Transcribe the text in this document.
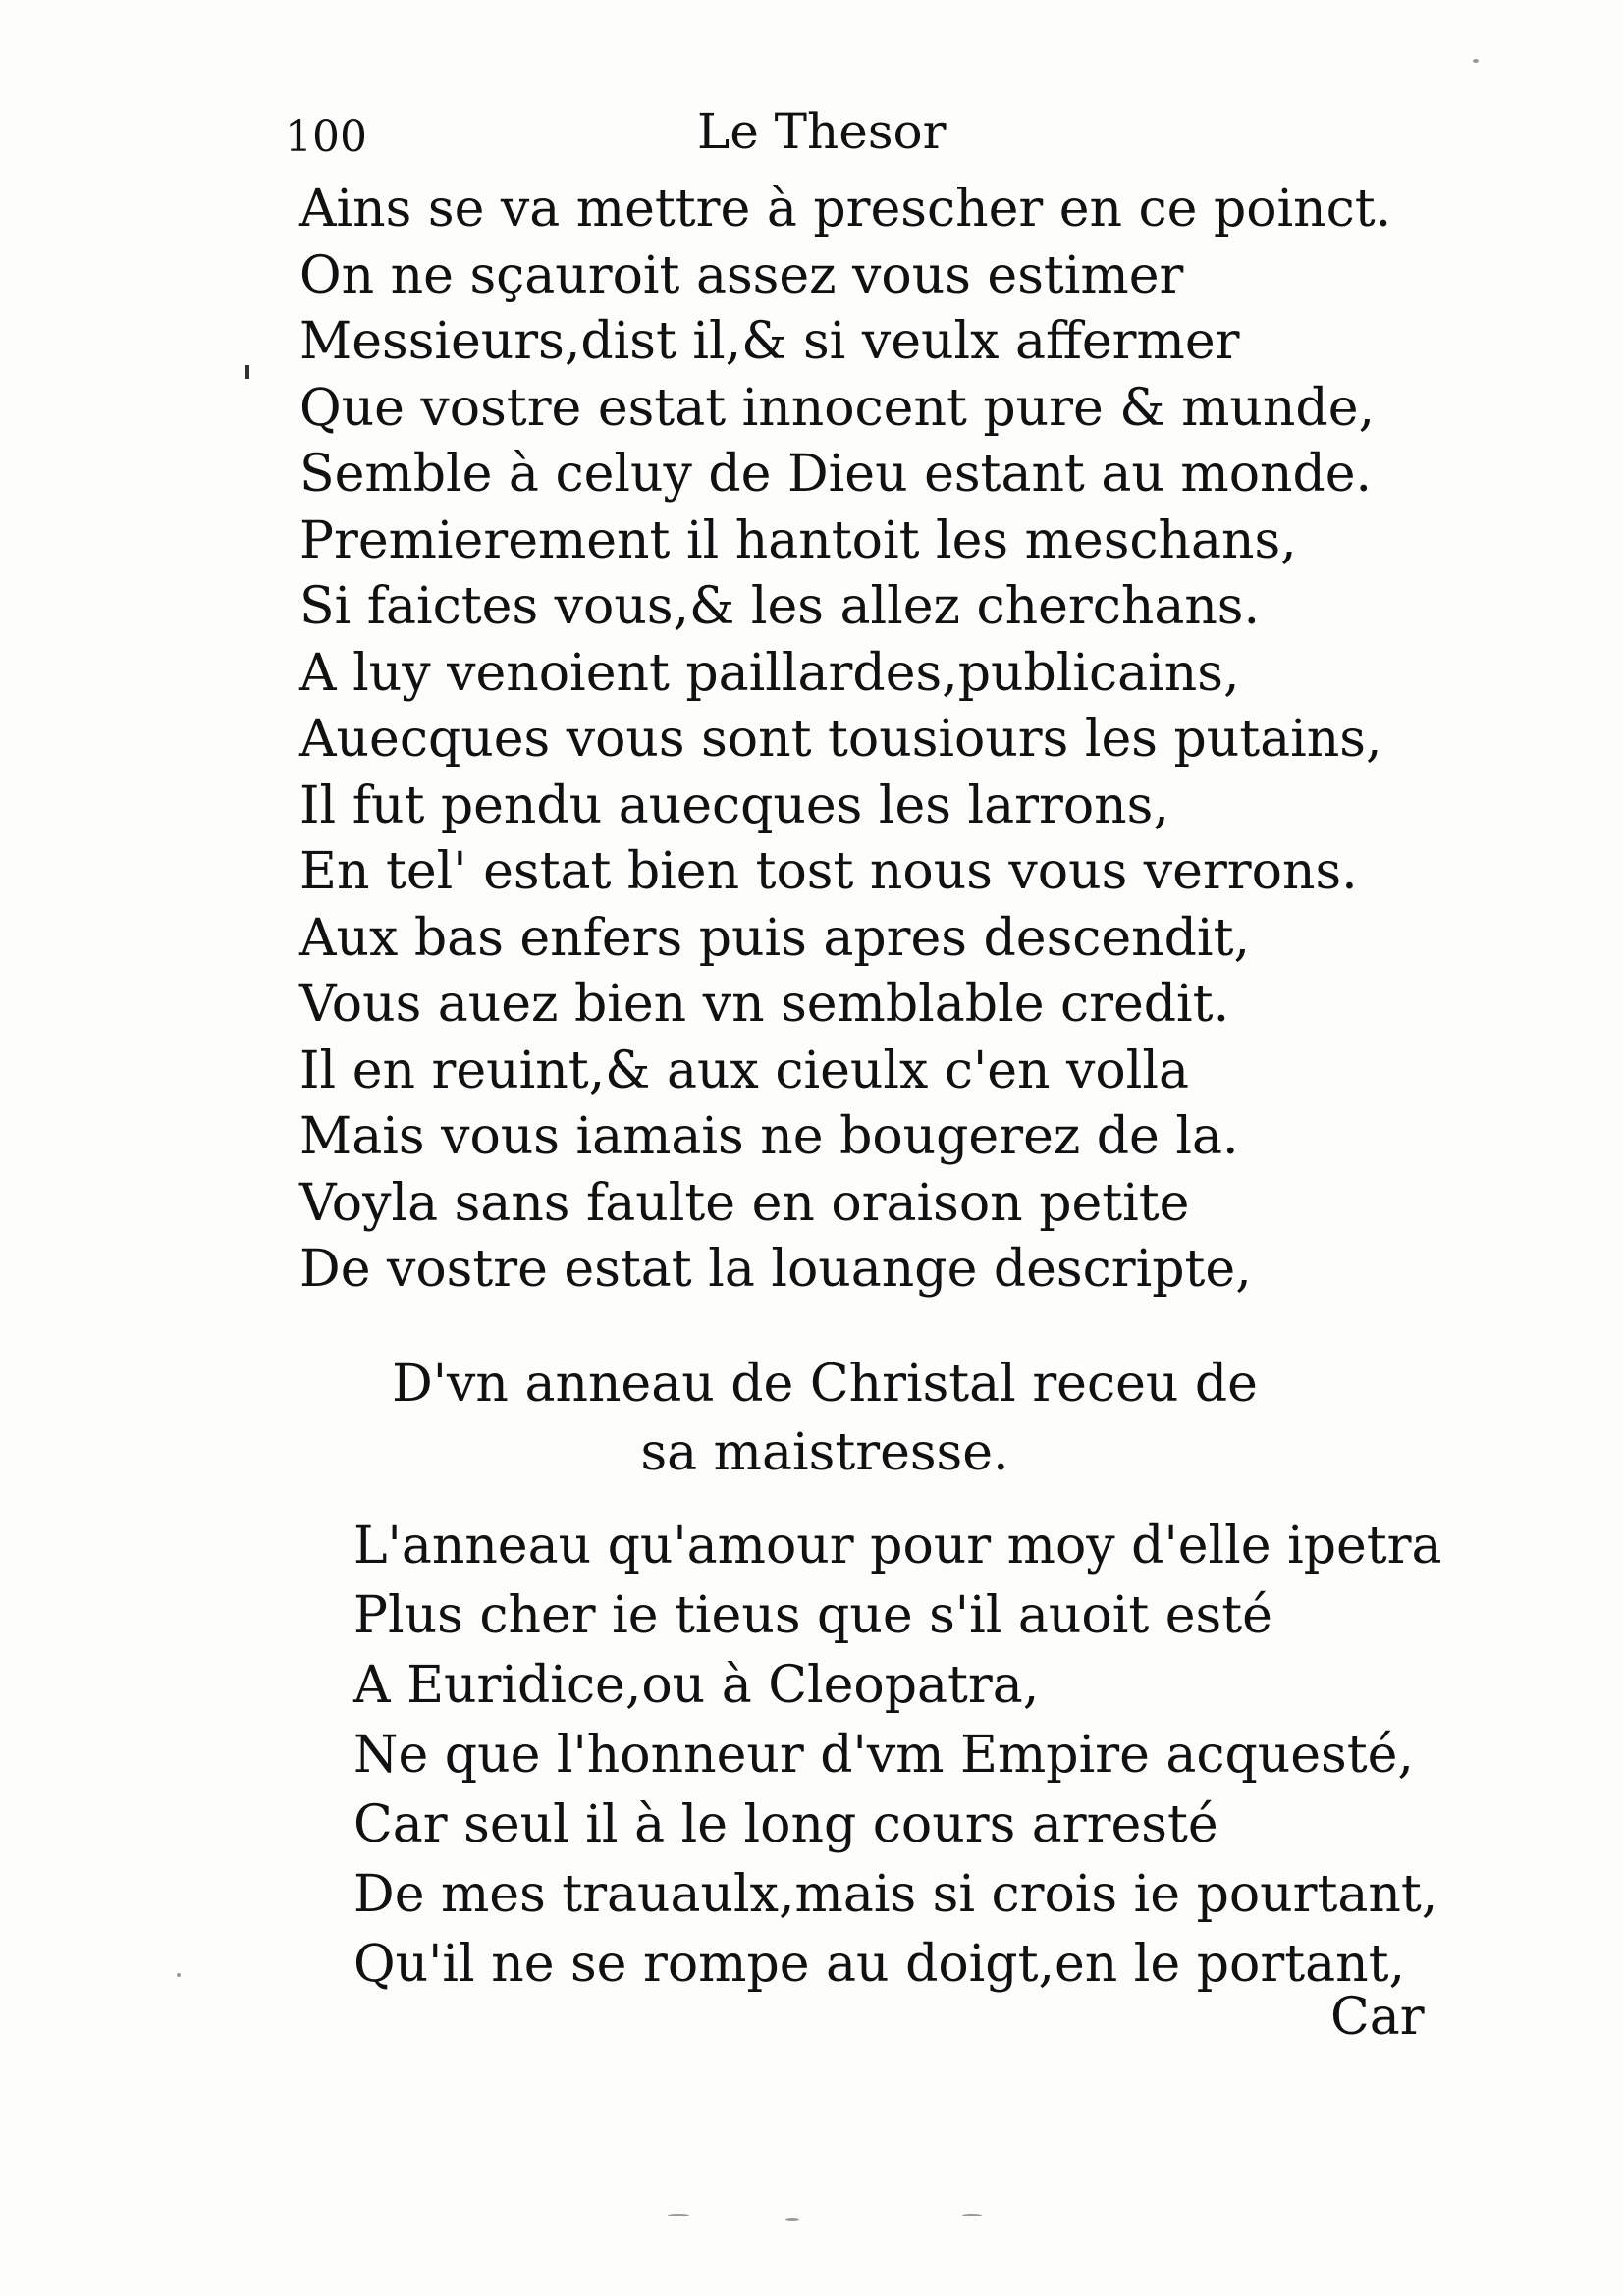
100	Le Thesor
Ains se va mettre à prescher en ce poinct.
On ne sçauroit assez vous estimer
Messieurs,dist il,& si veulx affermer
Que vostre estat innocent pure & munde,
Semble à celuy de Dieu estant au monde.
Premierement il hantoit les meschans,
Si faictes vous,& les allez cherchans.
A luy venoient paillardes,publicains,
Auecques vous sont tousiours les putains,
Il fut pendu auecques les larrons,
En tel' estat bien tost nous vous verrons.
Aux bas enfers puis apres descendit,
Vous auez bien vn semblable credit.
Il en reuint,& aux cieulx c'en volla
Mais vous iamais ne bougerez de la.
Voyla sans faulte en oraison petite
De vostre estat la louange descripte,
D'vn anneau de Christal receu de
sa maistresse.
L'anneau qu'amour pour moy d'elle ipetra
Plus cher ie tieus que s'il auoit esté
A Euridice,ou à Cleopatra,
Ne que l'honneur d'vm Empire acquesté,
Car seul il à le long cours arresté
De mes trauaulx,mais si crois ie pourtant,
Qu'il ne se rompe au doigt,en le portant,
Car
